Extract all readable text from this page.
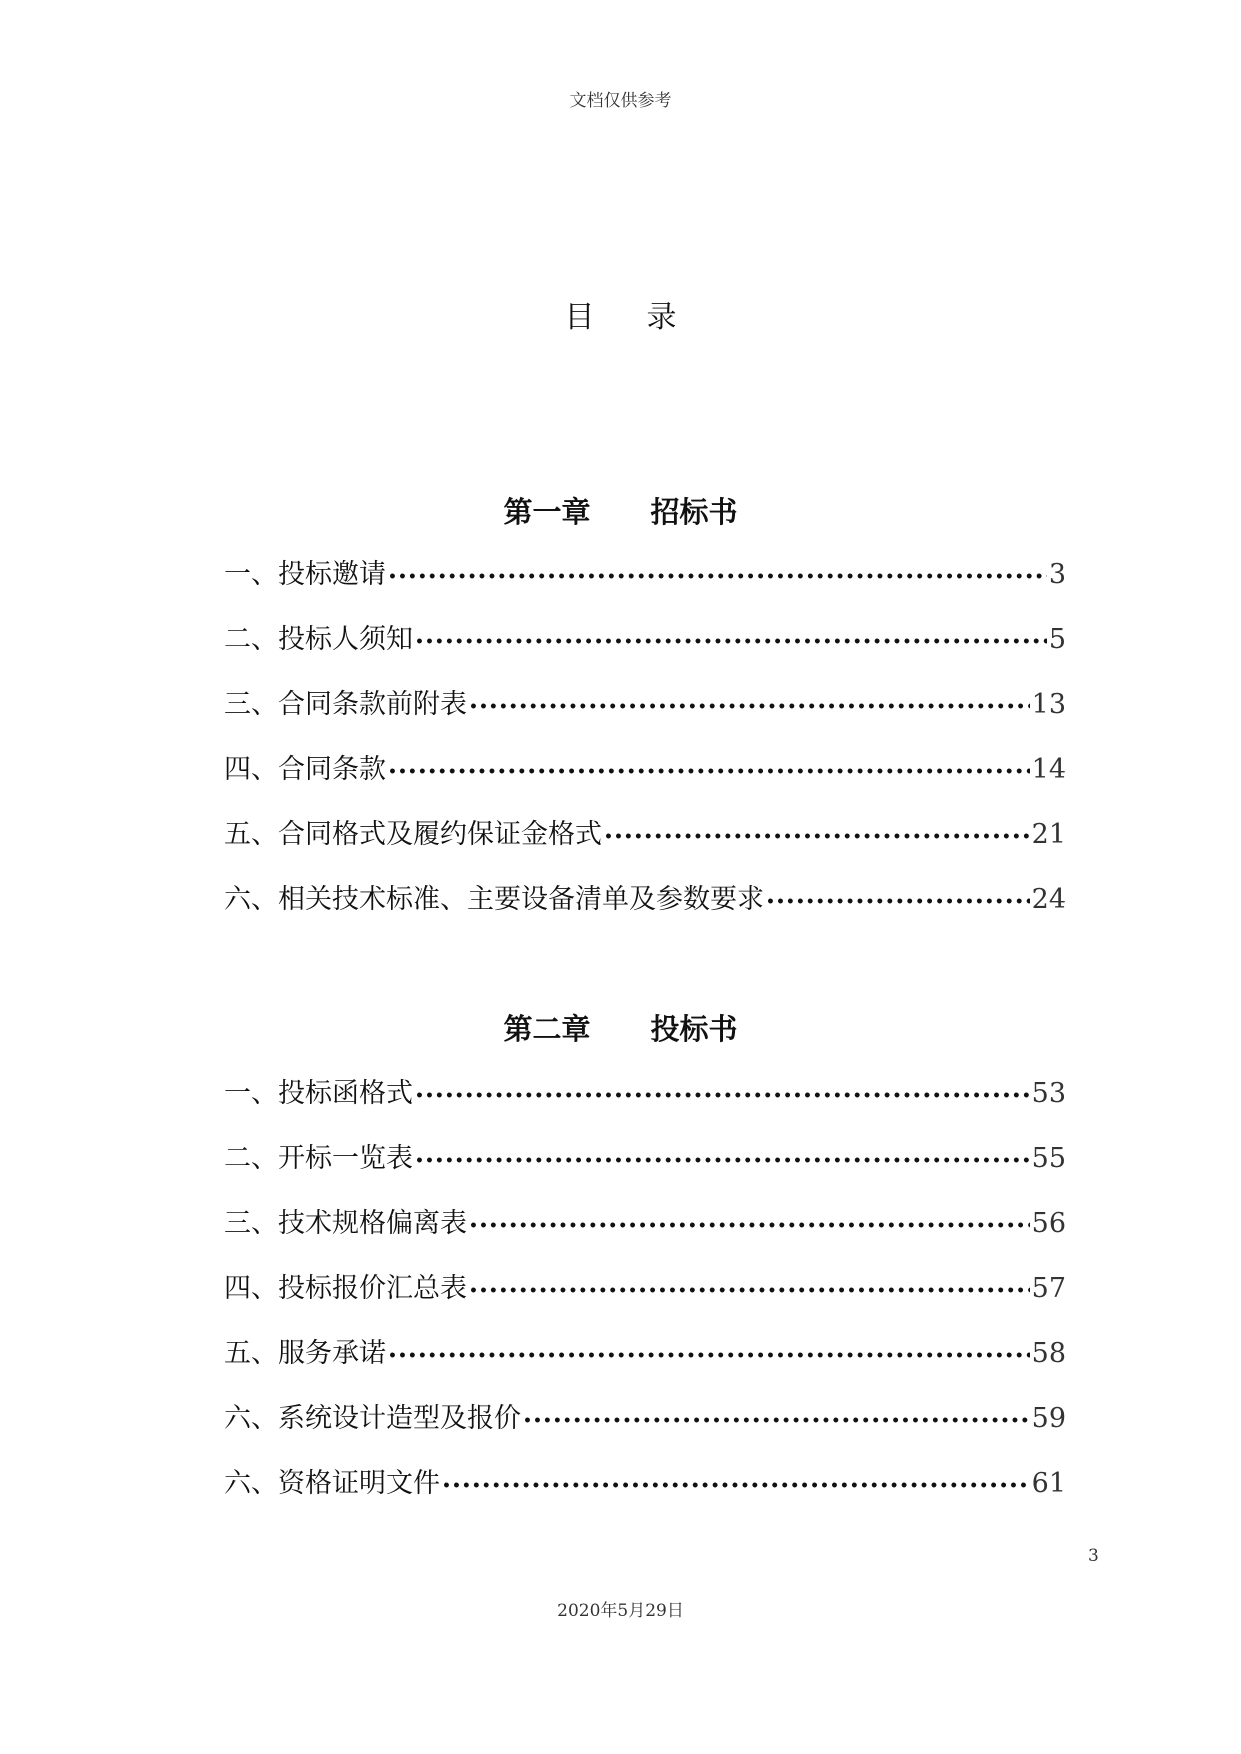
文档仅供参考
目录
第一章 招标书
一、投标邀请 •••••	3
二、投标人须知 •••••	5
三、合同条款前附表 •••••	13
四、合同条款 •••••	14
五、合同格式及履约保证金格式 •••••	21
六、相关技术标准、主要设备清单及参数要求 •••••	24
第二章 投标书
一、投标函格式 •••••	53
二、开标一览表 •••••	55
三、技术规格偏离表 •••••	56
四、投标报价汇总表 •••••	57
五、服务承诺 •••••	58
六、系统设计造型及报价 •••••	59
六、资格证明文件 •••••	61
3
2020年5月29日
